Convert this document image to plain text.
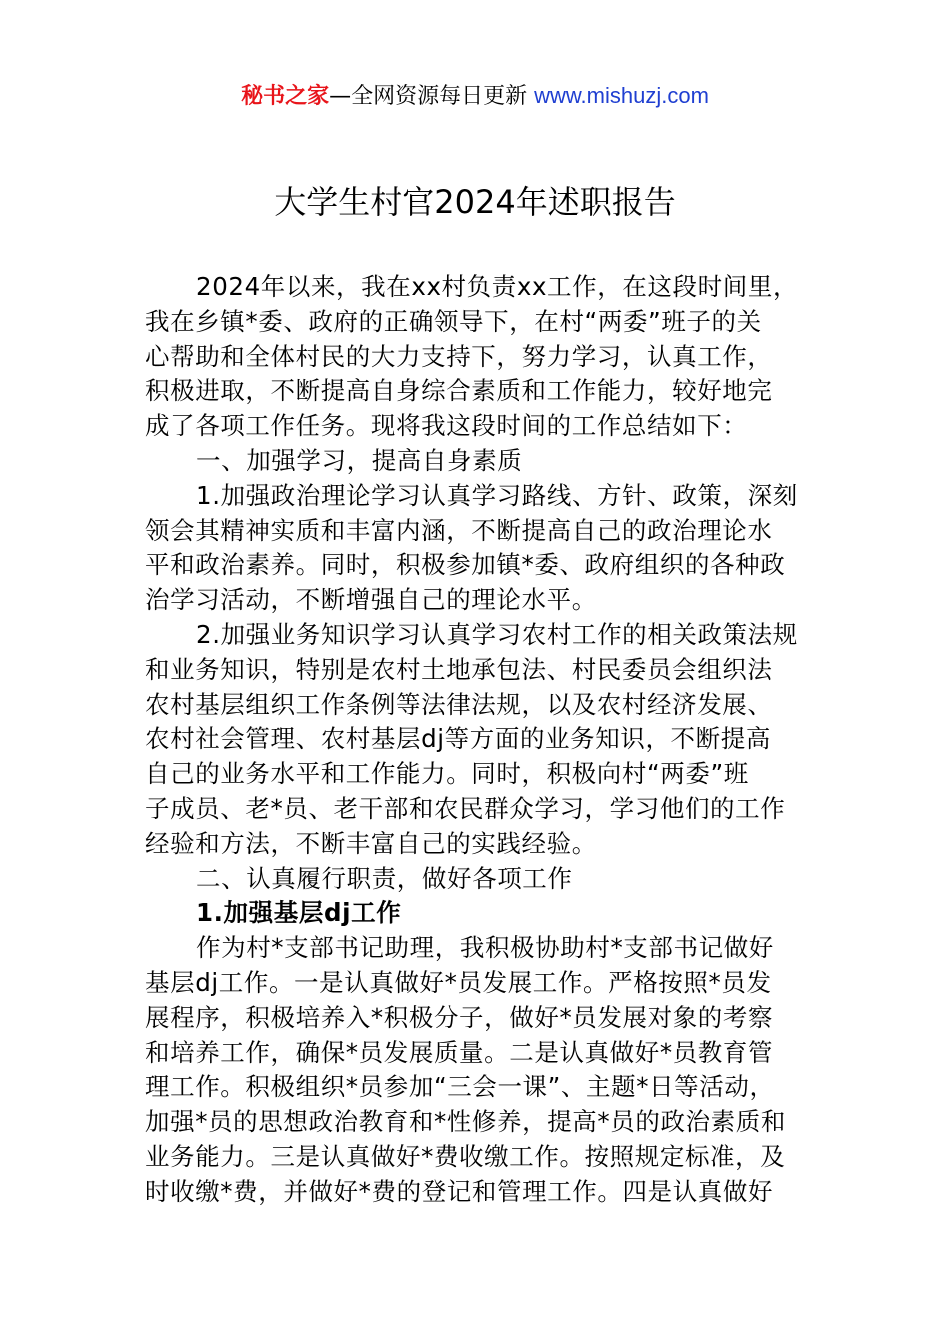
秘书之家—全网资源每日更新 www.mishuzj.com
大学生村官2024年述职报告
2024年以来，我在xx村负责xx工作，在这段时间里，
我在乡镇*委、政府的正确领导下，在村“两委”班子的关
心帮助和全体村民的大力支持下，努力学习，认真工作，
积极进取，不断提高自身综合素质和工作能力，较好地完
成了各项工作任务。现将我这段时间的工作总结如下：
一、加强学习，提高自身素质
1.加强政治理论学习认真学习路线、方针、政策，深刻
领会其精神实质和丰富内涵，不断提高自己的政治理论水
平和政治素养。同时，积极参加镇*委、政府组织的各种政
治学习活动，不断增强自己的理论水平。
2.加强业务知识学习认真学习农村工作的相关政策法规
和业务知识，特别是农村土地承包法、村民委员会组织法
农村基层组织工作条例等法律法规，以及农村经济发展、
农村社会管理、农村基层dj等方面的业务知识，不断提高
自己的业务水平和工作能力。同时，积极向村“两委”班
子成员、老*员、老干部和农民群众学习，学习他们的工作
经验和方法，不断丰富自己的实践经验。
二、认真履行职责，做好各项工作
1.加强基层dj工作
作为村*支部书记助理，我积极协助村*支部书记做好
基层dj工作。一是认真做好*员发展工作。严格按照*员发
展程序，积极培养入*积极分子，做好*员发展对象的考察
和培养工作，确保*员发展质量。二是认真做好*员教育管
理工作。积极组织*员参加“三会一课”、主题*日等活动，
加强*员的思想政治教育和*性修养，提高*员的政治素质和
业务能力。三是认真做好*费收缴工作。按照规定标准，及
时收缴*费，并做好*费的登记和管理工作。四是认真做好
